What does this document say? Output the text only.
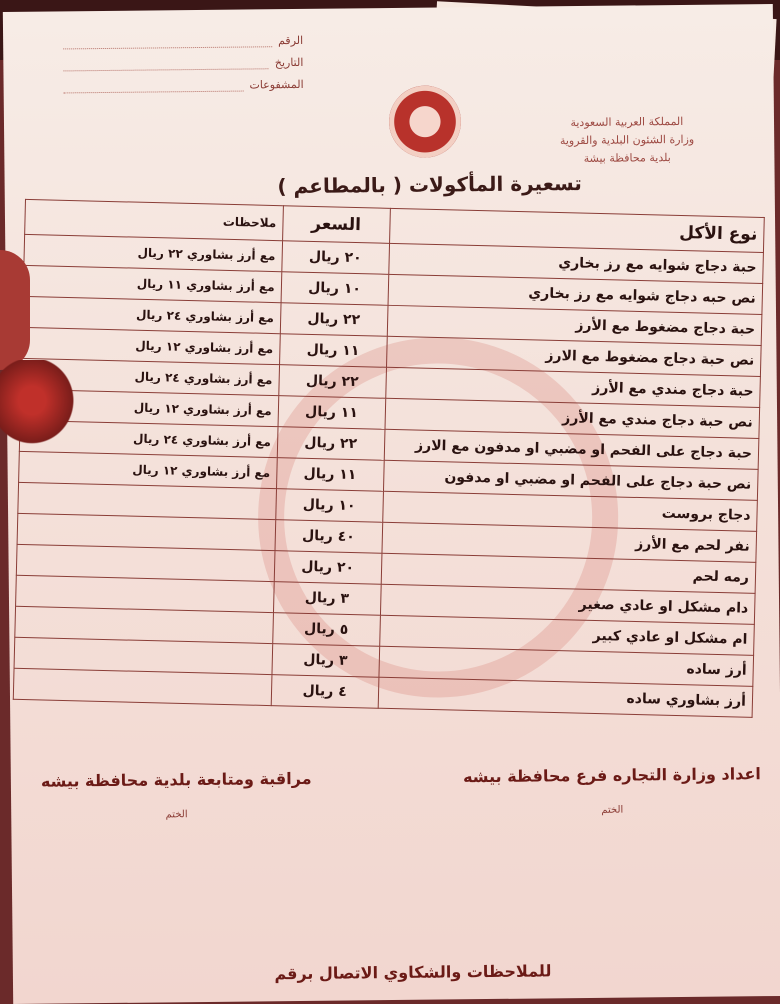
الرقم
التاريخ
المشفوعات
المملكة العربية السعودية
وزارة الشئون البلدية والقروية
بلدية محافظة بيشة
تسعيرة المأكولات ( بالمطاعم )
نوع الأكل	السعر	ملاحظات
حبة دجاج شوايه مع رز بخاري	٢٠ ريال	مع أرز بشاوري ٢٢ ريال
نص حبه دجاج شوايه مع رز بخاري	١٠ ريال	مع أرز بشاوري ١١ ريال
حبة دجاج مضغوط مع الأرز	٢٢ ريال	مع أرز بشاوري ٢٤ ريال
نص حبة دجاج مضغوط مع الارز	١١ ريال	مع أرز بشاوري ١٢ ريال
حبة دجاج مندي مع الأرز	٢٢ ريال	مع أرز بشاوري ٢٤ ريال
نص حبة دجاج مندي مع الأرز	١١ ريال	مع أرز بشاوري ١٢ ريال
حبة دجاج على الفحم او مضبي او مدفون مع الارز	٢٢ ريال	مع أرز بشاوري ٢٤ ريال
نص حبة دجاج على الفحم او مضبي او مدفون	١١ ريال	مع أرز بشاوري ١٢ ريال
دجاج بروست	١٠ ريال	
نفر لحم مع الأرز	٤٠ ريال	
رمه لحم	٢٠ ريال	
دام مشكل او عادي صغير	٣ ريال	
ام مشكل او عادي كبير	٥ ريال	
أرز ساده	٣ ريال	
أرز بشاوري ساده	٤ ريال	
اعداد وزارة التجاره فرع محافظة بيشه
الختم
مراقبة ومتابعة بلدية محافظة بيشه
الختم
للملاحظات والشكاوي الاتصال برقم
